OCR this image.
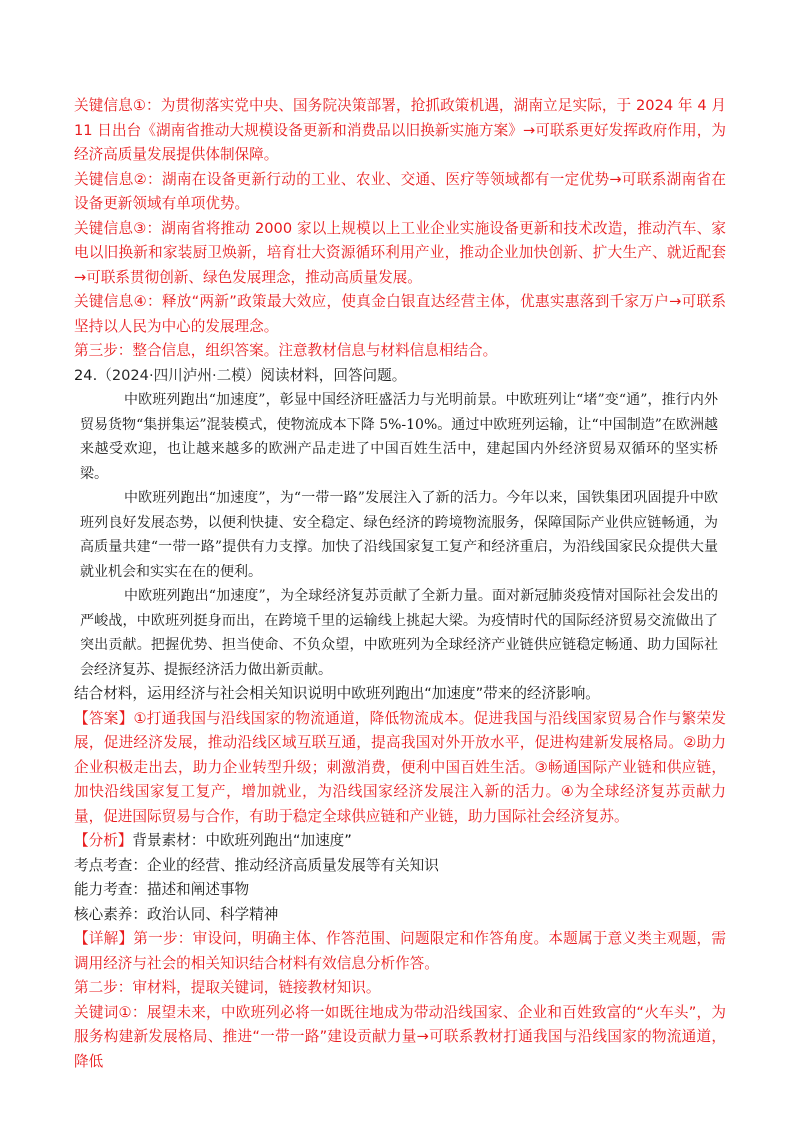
关键信息①：为贯彻落实党中央、国务院决策部署，抢抓政策机遇，湖南立足实际，于 2024 年 4 月 11 日出台《湖南省推动大规模设备更新和消费品以旧换新实施方案》→可联系更好发挥政府作用，为经济高质量发展提供体制保障。

关键信息②：湖南在设备更新行动的工业、农业、交通、医疗等领域都有一定优势→可联系湖南省在设备更新领域有单项优势。

关键信息③：湖南省将推动 2000 家以上规模以上工业企业实施设备更新和技术改造，推动汽车、家电以旧换新和家装厨卫焕新，培育壮大资源循环利用产业，推动企业加快创新、扩大生产、就近配套→可联系贯彻创新、绿色发展理念，推动高质量发展。

关键信息④：释放“两新”政策最大效应，使真金白银直达经营主体，优惠实惠落到千家万户→可联系坚持以人民为中心的发展理念。

第三步：整合信息，组织答案。注意教材信息与材料信息相结合。

24.（2024·四川泸州·二模）阅读材料，回答问题。

中欧班列跑出“加速度”，彰显中国经济旺盛活力与光明前景。中欧班列让“堵”变“通”，推行内外贸易货物“集拼集运”混装模式，使物流成本下降 5%-10%。通过中欧班列运输，让“中国制造”在欧洲越来越受欢迎，也让越来越多的欧洲产品走进了中国百姓生活中，建起国内外经济贸易双循环的坚实桥梁。

中欧班列跑出“加速度”，为“一带一路”发展注入了新的活力。今年以来，国铁集团巩固提升中欧班列良好发展态势，以便利快捷、安全稳定、绿色经济的跨境物流服务，保障国际产业供应链畅通，为高质量共建“一带一路”提供有力支撑。加快了沿线国家复工复产和经济重启，为沿线国家民众提供大量就业机会和实实在在的便利。

中欧班列跑出“加速度”，为全球经济复苏贡献了全新力量。面对新冠肺炎疫情对国际社会发出的严峻战，中欧班列挺身而出，在跨境千里的运输线上挑起大梁。为疫情时代的国际经济贸易交流做出了突出贡献。把握优势、担当使命、不负众望，中欧班列为全球经济产业链供应链稳定畅通、助力国际社会经济复苏、提振经济活力做出新贡献。

结合材料，运用经济与社会相关知识说明中欧班列跑出“加速度”带来的经济影响。

【答案】①打通我国与沿线国家的物流通道，降低物流成本。促进我国与沿线国家贸易合作与繁荣发展，促进经济发展，推动沿线区域互联互通，提高我国对外开放水平，促进构建新发展格局。②助力企业积极走出去，助力企业转型升级；刺激消费，便利中国百姓生活。③畅通国际产业链和供应链，加快沿线国家复工复产，增加就业，为沿线国家经济发展注入新的活力。④为全球经济复苏贡献力量，促进国际贸易与合作，有助于稳定全球供应链和产业链，助力国际社会经济复苏。

【分析】背景素材：中欧班列跑出“加速度”

考点考查：企业的经营、推动经济高质量发展等有关知识

能力考查：描述和阐述事物

核心素养：政治认同、科学精神

【详解】第一步：审设问，明确主体、作答范围、问题限定和作答角度。本题属于意义类主观题，需调用经济与社会的相关知识结合材料有效信息分析作答。

第二步：审材料，提取关键词，链接教材知识。

关键词①：展望未来，中欧班列必将一如既往地成为带动沿线国家、企业和百姓致富的“火车头”，为服务构建新发展格局、推进“一带一路”建设贡献力量→可联系教材打通我国与沿线国家的物流通道，降低
